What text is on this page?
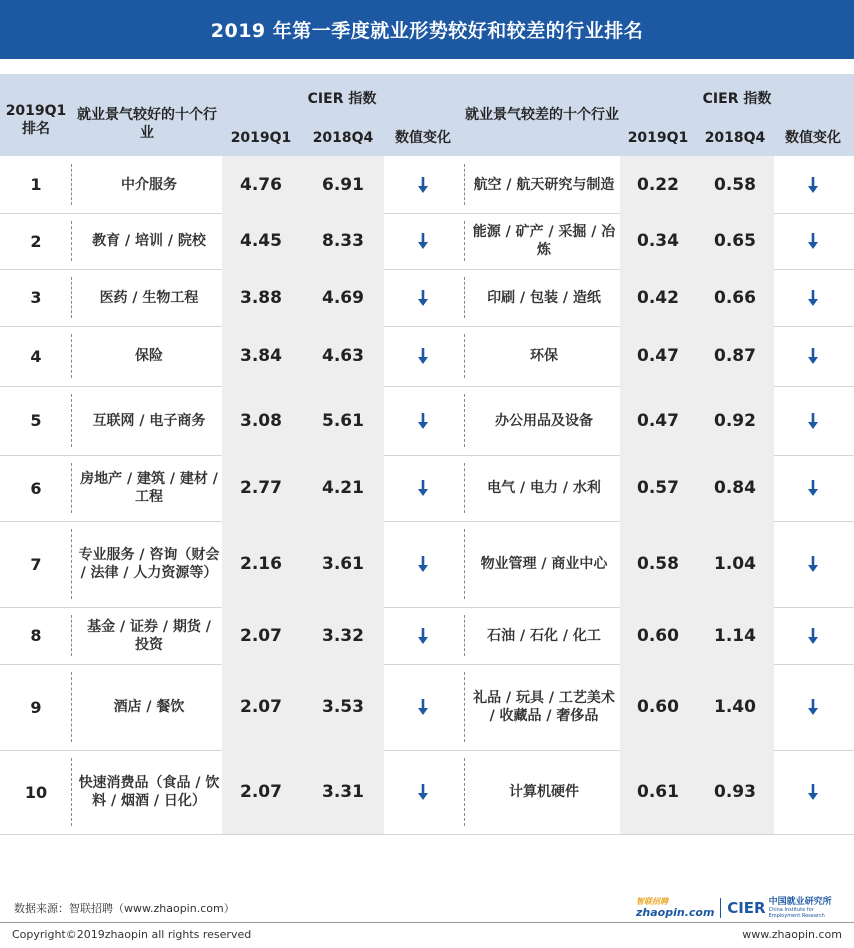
2019 年第一季度就业形势较好和较差的行业排名
2019Q1 排名
就业景气较好的十个行业
CIER 指数
2019Q1	2018Q4	数值变化
就业景气较差的十个行业
CIER 指数
2019Q1	2018Q4	数值变化
1	中介服务	4.76	6.91	航空 / 航天研究与制造	0.22	0.58
2	教育 / 培训 / 院校	4.45	8.33	能源 / 矿产 / 采掘 / 冶炼	0.34	0.65
3	医药 / 生物工程	3.88	4.69	印刷 / 包装 / 造纸	0.42	0.66
4	保险	3.84	4.63	环保	0.47	0.87
5	互联网 / 电子商务	3.08	5.61	办公用品及设备	0.47	0.92
6	房地产 / 建筑 / 建材 / 工程	2.77	4.21	电气 / 电力 / 水利	0.57	0.84
7	专业服务 / 咨询（财会 / 法律 / 人力资源等）	2.16	3.61	物业管理 / 商业中心	0.58	1.04
8	基金 / 证券 / 期货 / 投资	2.07	3.32	石油 / 石化 / 化工	0.60	1.14
9	酒店 / 餐饮	2.07	3.53	礼品 / 玩具 / 工艺美术 / 收藏品 / 奢侈品	0.60	1.40
10	快速消费品（食品 / 饮料 / 烟酒 / 日化）	2.07	3.31	计算机硬件	0.61	0.93
数据来源：智联招聘（www.zhaopin.com）
智联招聘
zhaopin.com CIER 中国就业研究所
China Institute for Employment Research
Copyright©2019zhaopin all rights reserved	www.zhaopin.com
